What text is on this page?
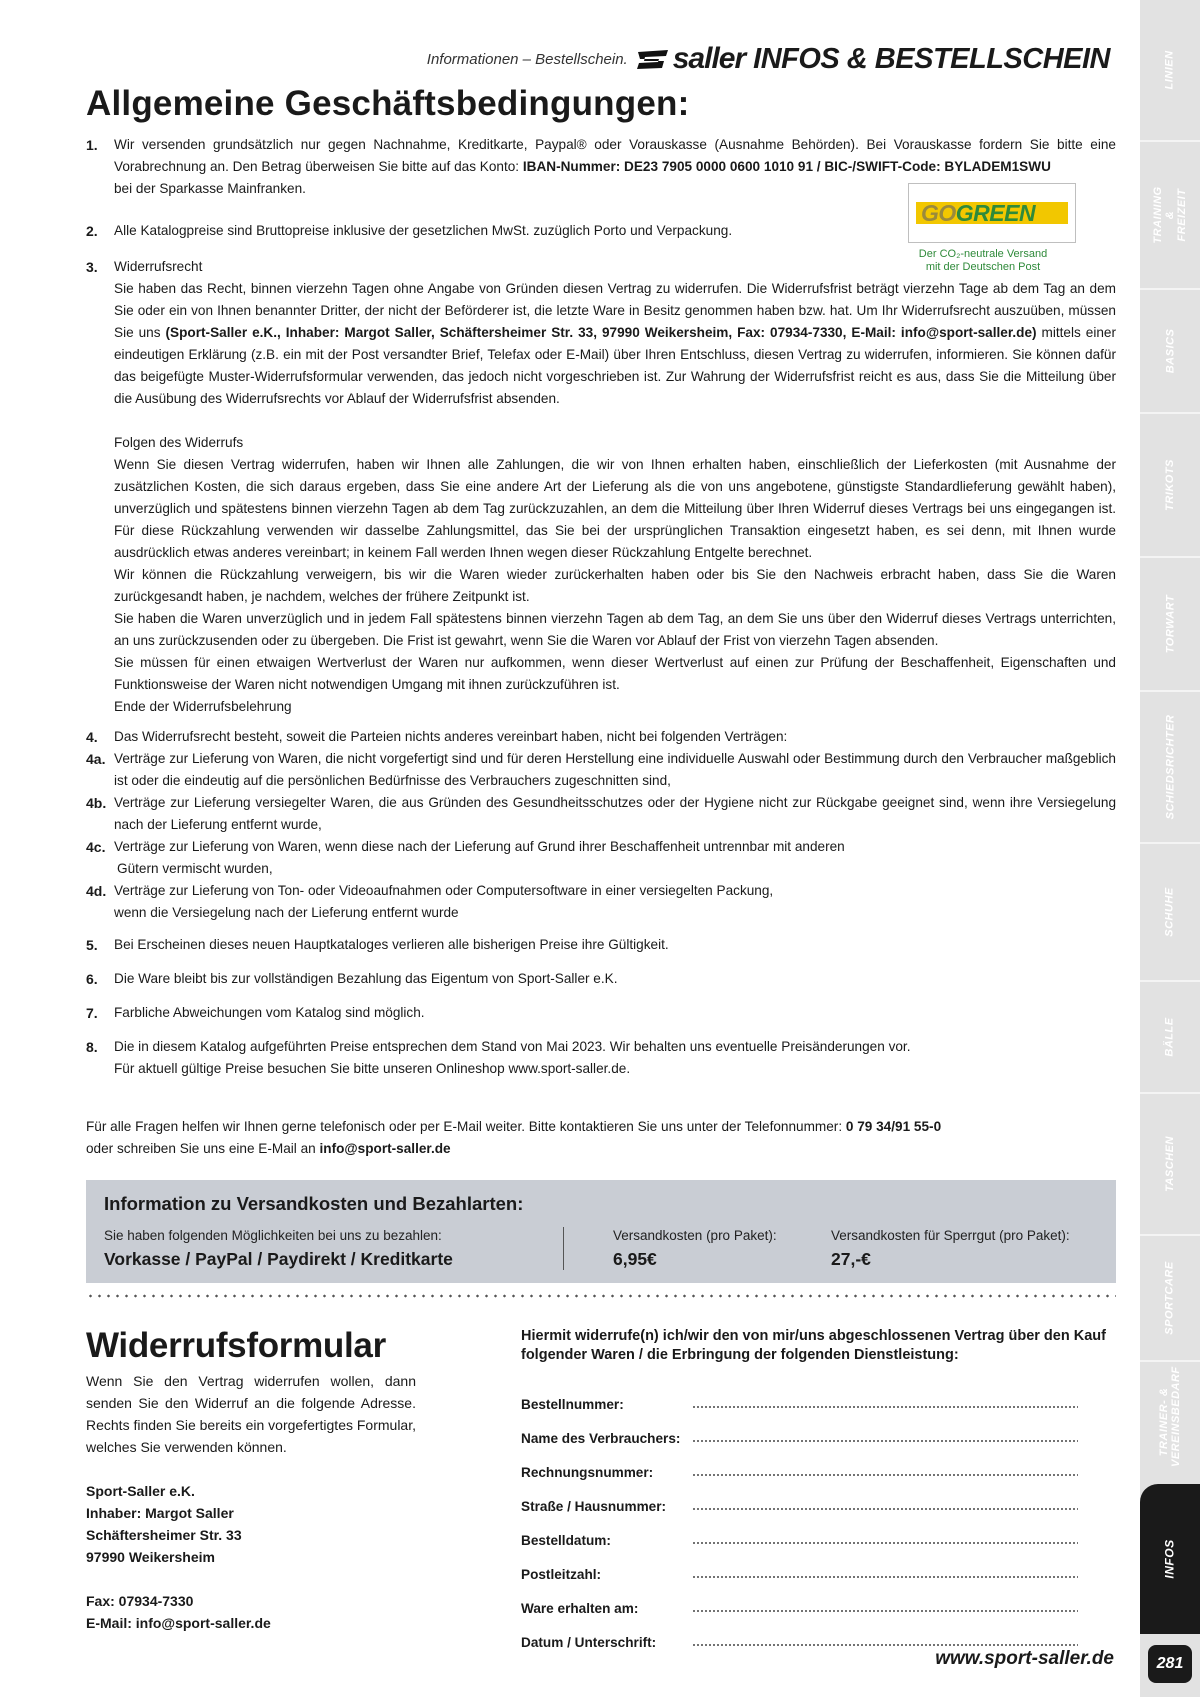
Informationen – Bestellschein. saller INFOS & BESTELLSCHEIN
Allgemeine Geschäftsbedingungen:
GOGREEN
Der CO₂-neutrale Versand
mit der Deutschen Post
1.	Wir versenden grundsätzlich nur gegen Nachnahme, Kreditkarte, Paypal® oder Vorauskasse (Ausnahme Behörden). Bei Vorauskasse fordern Sie bitte eine Vorabrechnung an. Den Betrag überweisen Sie bitte auf das Konto: IBAN-Nummer: DE23 7905 0000 0600 1010 91 / BIC-/SWIFT-Code: BYLADEM1SWU
bei der Sparkasse Mainfranken.
2.	Alle Katalogpreise sind Bruttopreise inklusive der gesetzlichen MwSt. zuzüglich Porto und Verpackung.
3.	Widerrufsrecht
Sie haben das Recht, binnen vierzehn Tagen ohne Angabe von Gründen diesen Vertrag zu widerrufen. Die Widerrufsfrist beträgt vierzehn Tage ab dem Tag an dem Sie oder ein von Ihnen benannter Dritter, der nicht der Beförderer ist, die letzte Ware in Besitz genommen haben bzw. hat. Um Ihr Widerrufsrecht auszuüben, müssen Sie uns (Sport-Saller e.K., Inhaber: Margot Saller, Schäftersheimer Str. 33, 97990 Weikersheim, Fax: 07934-7330, E-Mail: info@sport-saller.de) mittels einer eindeutigen Erklärung (z.B. ein mit der Post versandter Brief, Telefax oder E-Mail) über Ihren Entschluss, diesen Vertrag zu widerrufen, informieren. Sie können dafür das beigefügte Muster-Widerrufsformular verwenden, das jedoch nicht vorgeschrieben ist. Zur Wahrung der Widerrufsfrist reicht es aus, dass Sie die Mitteilung über die Ausübung des Widerrufsrechts vor Ablauf der Widerrufsfrist absenden.
Folgen des Widerrufs
Wenn Sie diesen Vertrag widerrufen, haben wir Ihnen alle Zahlungen, die wir von Ihnen erhalten haben, einschließlich der Lieferkosten (mit Ausnahme der zusätzlichen Kosten, die sich daraus ergeben, dass Sie eine andere Art der Lieferung als die von uns angebotene, günstigste Standardlieferung gewählt haben), unverzüglich und spätestens binnen vierzehn Tagen ab dem Tag zurückzuzahlen, an dem die Mitteilung über Ihren Widerruf dieses Vertrags bei uns eingegangen ist. Für diese Rückzahlung verwenden wir dasselbe Zahlungsmittel, das Sie bei der ursprünglichen Transaktion eingesetzt haben, es sei denn, mit Ihnen wurde ausdrücklich etwas anderes vereinbart; in keinem Fall werden Ihnen wegen dieser Rückzahlung Entgelte berechnet.
Wir können die Rückzahlung verweigern, bis wir die Waren wieder zurückerhalten haben oder bis Sie den Nachweis erbracht haben, dass Sie die Waren zurückgesandt haben, je nachdem, welches der frühere Zeitpunkt ist.
Sie haben die Waren unverzüglich und in jedem Fall spätestens binnen vierzehn Tagen ab dem Tag, an dem Sie uns über den Widerruf dieses Vertrags unterrichten, an uns zurückzusenden oder zu übergeben. Die Frist ist gewahrt, wenn Sie die Waren vor Ablauf der Frist von vierzehn Tagen absenden.
Sie müssen für einen etwaigen Wertverlust der Waren nur aufkommen, wenn dieser Wertverlust auf einen zur Prüfung der Beschaffenheit, Eigenschaften und Funktionsweise der Waren nicht notwendigen Umgang mit ihnen zurückzuführen ist.
Ende der Widerrufsbelehrung
4.	Das Widerrufsrecht besteht, soweit die Parteien nichts anderes vereinbart haben, nicht bei folgenden Verträgen:
4a. Verträge zur Lieferung von Waren, die nicht vorgefertigt sind und für deren Herstellung eine individuelle Auswahl oder Bestimmung durch den Verbraucher maßgeblich ist oder die eindeutig auf die persönlichen Bedürfnisse des Verbrauchers zugeschnitten sind,
4b. Verträge zur Lieferung versiegelter Waren, die aus Gründen des Gesundheitsschutzes oder der Hygiene nicht zur Rückgabe geeignet sind, wenn ihre Versiegelung nach der Lieferung entfernt wurde,
4c. Verträge zur Lieferung von Waren, wenn diese nach der Lieferung auf Grund ihrer Beschaffenheit untrennbar mit anderen
Gütern vermischt wurden,
4d. Verträge zur Lieferung von Ton- oder Videoaufnahmen oder Computersoftware in einer versiegelten Packung,
wenn die Versiegelung nach der Lieferung entfernt wurde
5.	Bei Erscheinen dieses neuen Hauptkataloges verlieren alle bisherigen Preise ihre Gültigkeit.
6.	Die Ware bleibt bis zur vollständigen Bezahlung das Eigentum von Sport-Saller e.K.
7.	Farbliche Abweichungen vom Katalog sind möglich.
8.	Die in diesem Katalog aufgeführten Preise entsprechen dem Stand von Mai 2023. Wir behalten uns eventuelle Preisänderungen vor.
Für aktuell gültige Preise besuchen Sie bitte unseren Onlineshop www.sport-saller.de.
Für alle Fragen helfen wir Ihnen gerne telefonisch oder per E-Mail weiter. Bitte kontaktieren Sie uns unter der Telefonnummer: 0 79 34/91 55-0
oder schreiben Sie uns eine E-Mail an info@sport-saller.de
Information zu Versandkosten und Bezahlarten:
Sie haben folgenden Möglichkeiten bei uns zu bezahlen:
Vorkasse / PayPal / Paydirekt / Kreditkarte
Versandkosten (pro Paket):
6,95€
Versandkosten für Sperrgut (pro Paket):
27,-€
Widerrufsformular
Wenn Sie den Vertrag widerrufen wollen, dann senden Sie den Widerruf an die folgende Adresse. Rechts finden Sie bereits ein vorgefertigtes Formular, welches Sie verwenden können.
Sport-Saller e.K.
Inhaber: Margot Saller
Schäftersheimer Str. 33
97990 Weikersheim
Fax: 07934-7330
E-Mail: info@sport-saller.de
Hiermit widerrufe(n) ich/wir den von mir/uns abgeschlossenen Vertrag über den Kauf folgender Waren / die Erbringung der folgenden Dienstleistung:
Bestellnummer:
Name des Verbrauchers:
Rechnungsnummer:
Straße / Hausnummer:
Bestelldatum:
Postleitzahl:
Ware erhalten am:
Datum / Unterschrift:
LINIEN
TRAINING & FREIZEIT
BASICS
TRIKOTS
TORWART
SCHIEDSRICHTER
SCHUHE
BÄLLE
TASCHEN
SPORTCARE
TRAINER- & VEREINSBEDARF
INFOS
www.sport-saller.de	281
